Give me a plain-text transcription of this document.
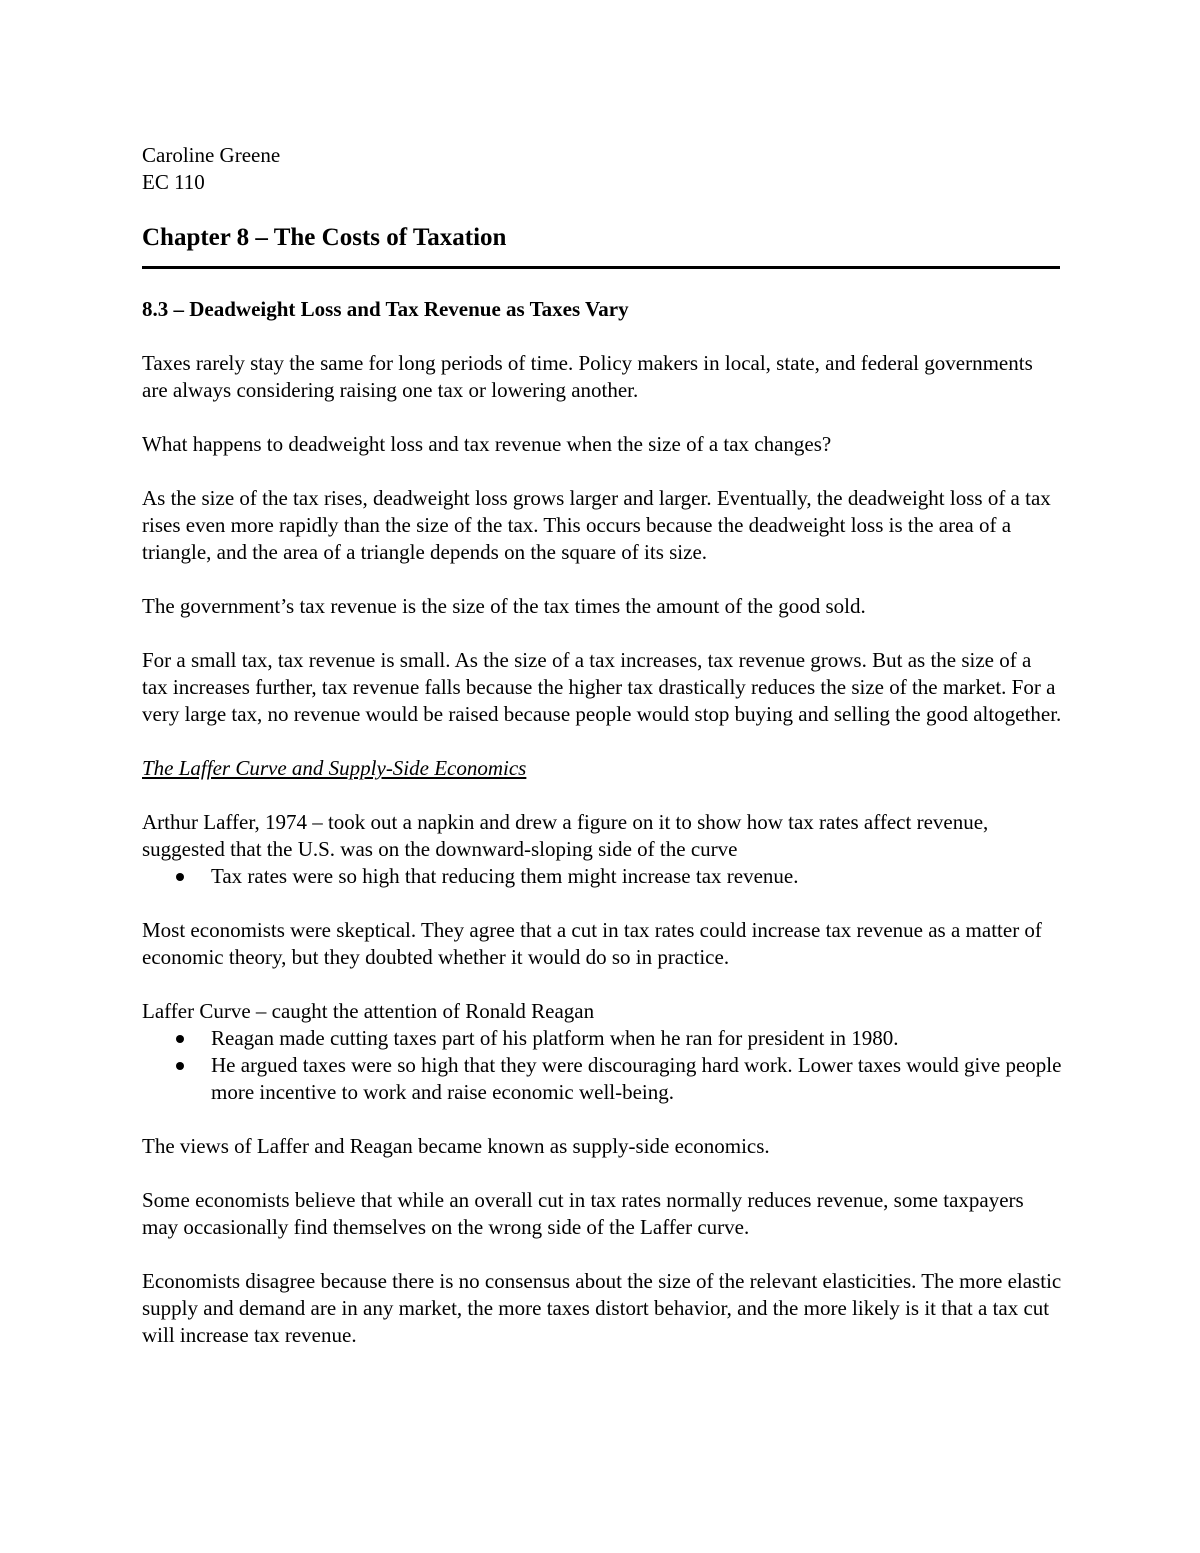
Caroline Greene
EC 110
Chapter 8 – The Costs of Taxation
8.3 – Deadweight Loss and Tax Revenue as Taxes Vary

Taxes rarely stay the same for long periods of time. Policy makers in local, state, and federal governments are always considering raising one tax or lowering another.

What happens to deadweight loss and tax revenue when the size of a tax changes?

As the size of the tax rises, deadweight loss grows larger and larger. Eventually, the deadweight loss of a tax rises even more rapidly than the size of the tax. This occurs because the deadweight loss is the area of a triangle, and the area of a triangle depends on the square of its size.

The government’s tax revenue is the size of the tax times the amount of the good sold.

For a small tax, tax revenue is small. As the size of a tax increases, tax revenue grows. But as the size of a tax increases further, tax revenue falls because the higher tax drastically reduces the size of the market. For a very large tax, no revenue would be raised because people would stop buying and selling the good altogether.

The Laffer Curve and Supply-Side Economics

Arthur Laffer, 1974 – took out a napkin and drew a figure on it to show how tax rates affect revenue, suggested that the U.S. was on the downward-sloping side of the curve

Tax rates were so high that reducing them might increase tax revenue.

Most economists were skeptical. They agree that a cut in tax rates could increase tax revenue as a matter of economic theory, but they doubted whether it would do so in practice.

Laffer Curve – caught the attention of Ronald Reagan

Reagan made cutting taxes part of his platform when he ran for president in 1980.
He argued taxes were so high that they were discouraging hard work. Lower taxes would give people more incentive to work and raise economic well-being.

The views of Laffer and Reagan became known as supply-side economics.

Some economists believe that while an overall cut in tax rates normally reduces revenue, some taxpayers may occasionally find themselves on the wrong side of the Laffer curve.

Economists disagree because there is no consensus about the size of the relevant elasticities. The more elastic supply and demand are in any market, the more taxes distort behavior, and the more likely is it that a tax cut will increase tax revenue.
